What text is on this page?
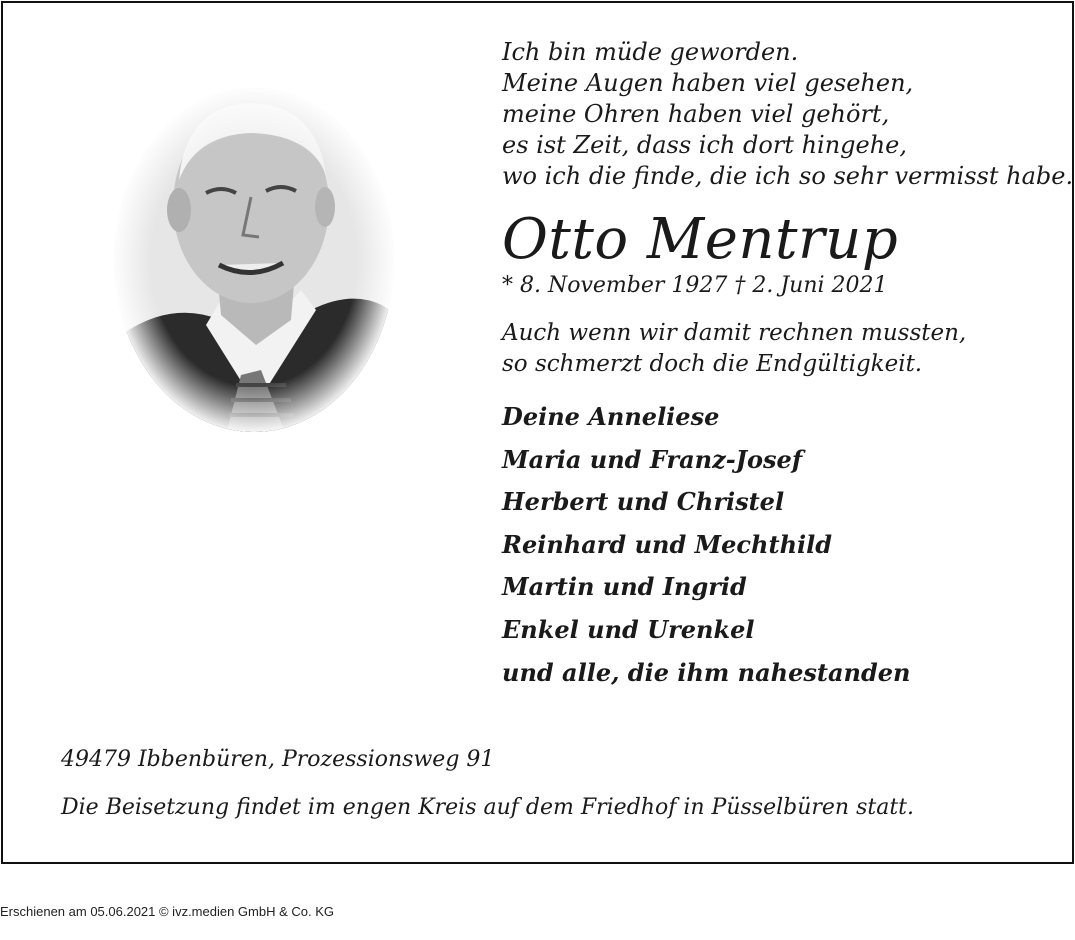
Ich bin müde geworden.
Meine Augen haben viel gesehen,
meine Ohren haben viel gehört,
es ist Zeit, dass ich dort hingehe,
wo ich die finde, die ich so sehr vermisst habe.
Otto Mentrup
* 8. November 1927 † 2. Juni 2021
Auch wenn wir damit rechnen mussten,
so schmerzt doch die Endgültigkeit.
Deine Anneliese
Maria und Franz-Josef
Herbert und Christel
Reinhard und Mechthild
Martin und Ingrid
Enkel und Urenkel
und alle, die ihm nahestanden
49479 Ibbenbüren, Prozessionsweg 91
Die Beisetzung findet im engen Kreis auf dem Friedhof in Püsselbüren statt.
Erschienen am 05.06.2021 © ivz.medien GmbH & Co. KG
